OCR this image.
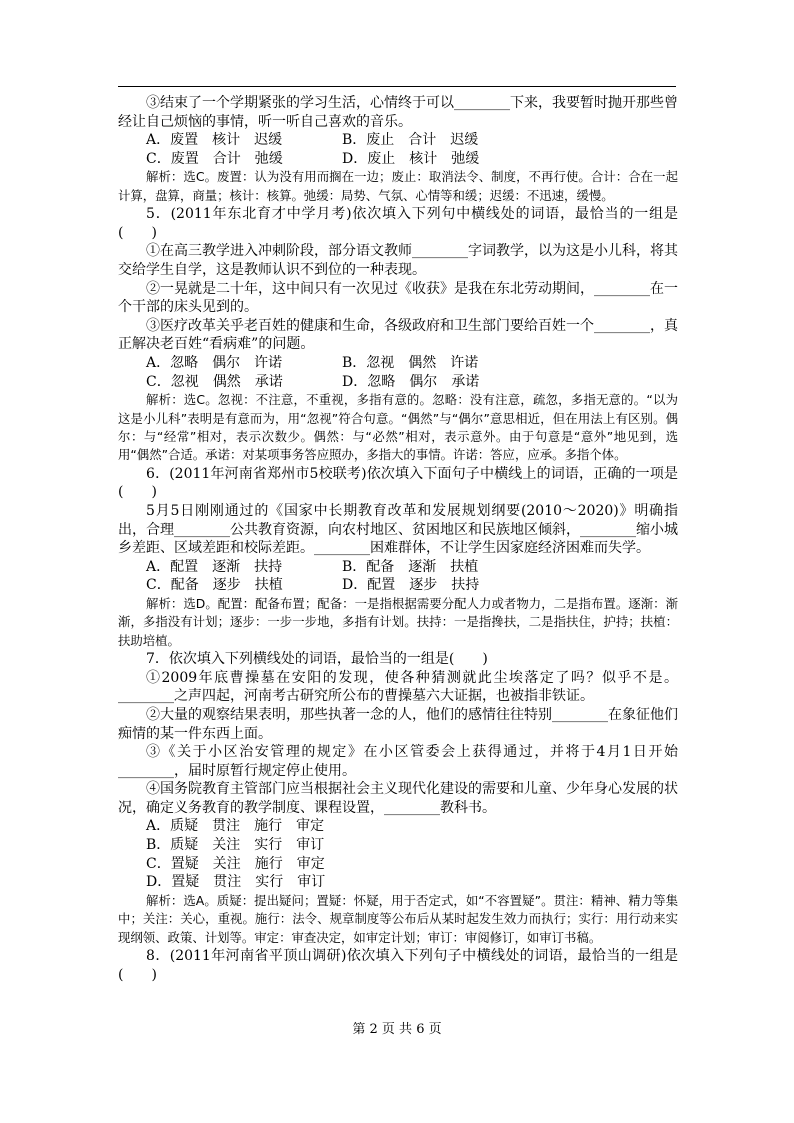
③结束了一个学期紧张的学习生活，心情终于可以________下来，我要暂时抛开那些曾

经让自己烦恼的事情，听一听自己喜欢的音乐。

A．废置　核计　迟缓	B．废止　合计　迟缓
C．废置　合计　弛缓	D．废止　核计　弛缓

解析：选C。废置：认为没有用而搁在一边；废止：取消法令、制度，不再行使。合计：合在一起计算，盘算，商量；核计：核算。弛缓：局势、气氛、心情等和缓；迟缓：不迅速，缓慢。

5．(2011年东北育才中学月考)依次填入下列句中横线处的词语，最恰当的一组是(　　)

①在高三教学进入冲刺阶段，部分语文教师________字词教学，以为这是小儿科，将其交给学生自学，这是教师认识不到位的一种表现。

②一晃就是二十年，这中间只有一次见过《收获》是我在东北劳动期间，________在一个干部的床头见到的。

③医疗改革关乎老百姓的健康和生命，各级政府和卫生部门要给百姓一个________，真正解决老百姓“看病难”的问题。

A．忽略　偶尔　许诺	B．忽视　偶然　许诺
C．忽视　偶然　承诺	D．忽略　偶尔　承诺

解析：选C。忽视：不注意，不重视，多指有意的。忽略：没有注意，疏忽，多指无意的。“以为这是小儿科”表明是有意而为，用“忽视”符合句意。“偶然”与“偶尔”意思相近，但在用法上有区别。偶尔：与“经常”相对，表示次数少。偶然：与“必然”相对，表示意外。由于句意是“意外”地见到，选用“偶然”合适。承诺：对某项事务答应照办，多指大的事情。许诺：答应，应承。多指个体。

6．(2011年河南省郑州市5校联考)依次填入下面句子中横线上的词语，正确的一项是(　　)

5月5日刚刚通过的《国家中长期教育改革和发展规划纲要(2010～2020)》明确指出，合理________公共教育资源，向农村地区、贫困地区和民族地区倾斜，________缩小城乡差距、区域差距和校际差距。________困难群体，不让学生因家庭经济困难而失学。

A．配置　逐渐　扶持	B．配备　逐渐　扶植
C．配备　逐步　扶植	D．配置　逐步　扶持

解析：选D。配置：配备布置；配备：一是指根据需要分配人力或者物力，二是指布置。逐渐：渐渐，多指没有计划；逐步：一步一步地，多指有计划。扶持：一是指搀扶，二是指扶住，护持；扶植：扶助培植。

7．依次填入下列横线处的词语，最恰当的一组是(　　)

①2009年底曹操墓在安阳的发现，使各种猜测就此尘埃落定了吗？似乎不是。________之声四起，河南考古研究所公布的曹操墓六大证据，也被指非铁证。

②大量的观察结果表明，那些执著一念的人，他们的感情往往特别________在象征他们痴情的某一件东西上面。

③《关于小区治安管理的规定》在小区管委会上获得通过，并将于4月1日开始________，届时原暂行规定停止使用。

④国务院教育主管部门应当根据社会主义现代化建设的需要和儿童、少年身心发展的状况，确定义务教育的教学制度、课程设置，________教科书。

A．质疑　贯注　施行　审定
B．质疑　关注　实行　审订
C．置疑　关注　施行　审定
D．置疑　贯注　实行　审订

解析：选A。质疑：提出疑问；置疑：怀疑，用于否定式，如“不容置疑”。贯注：精神、精力等集中；关注：关心，重视。施行：法令、规章制度等公布后从某时起发生效力而执行；实行：用行动来实现纲领、政策、计划等。审定：审查决定，如审定计划；审订：审阅修订，如审订书稿。

8．(2011年河南省平顶山调研)依次填入下列句子中横线处的词语，最恰当的一组是(　　)

第 2 页 共 6 页
